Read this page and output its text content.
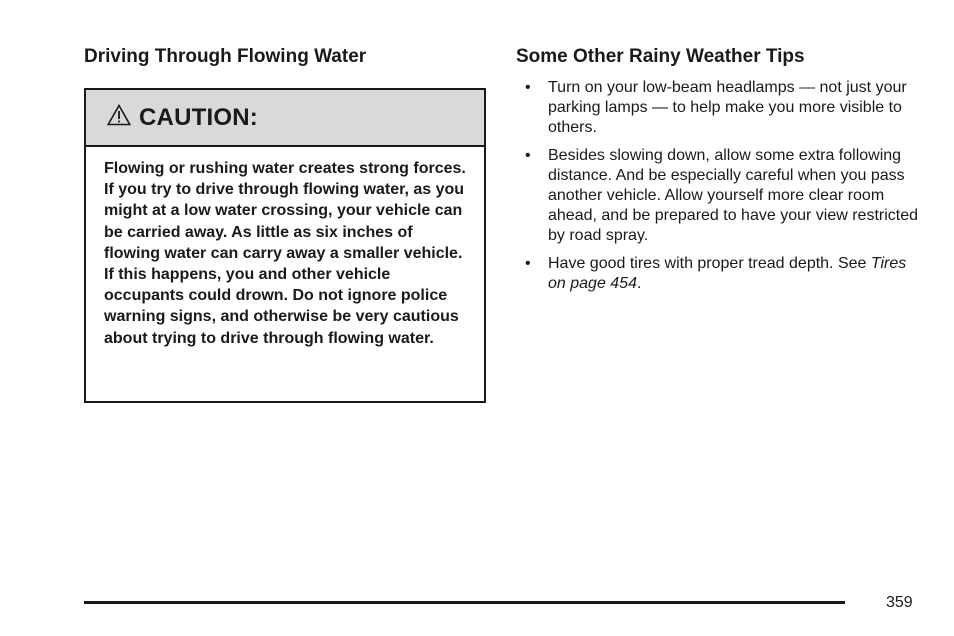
Driving Through Flowing Water
CAUTION:
Flowing or rushing water creates strong forces. If you try to drive through flowing water, as you might at a low water crossing, your vehicle can be carried away. As little as six inches of flowing water can carry away a smaller vehicle. If this happens, you and other vehicle occupants could drown. Do not ignore police warning signs, and otherwise be very cautious about trying to drive through flowing water.
Some Other Rainy Weather Tips
• Turn on your low-beam headlamps — not just your parking lamps — to help make you more visible to others.
• Besides slowing down, allow some extra following distance. And be especially careful when you pass another vehicle. Allow yourself more clear room ahead, and be prepared to have your view restricted by road spray.
• Have good tires with proper tread depth. See Tires on page 454.
359
